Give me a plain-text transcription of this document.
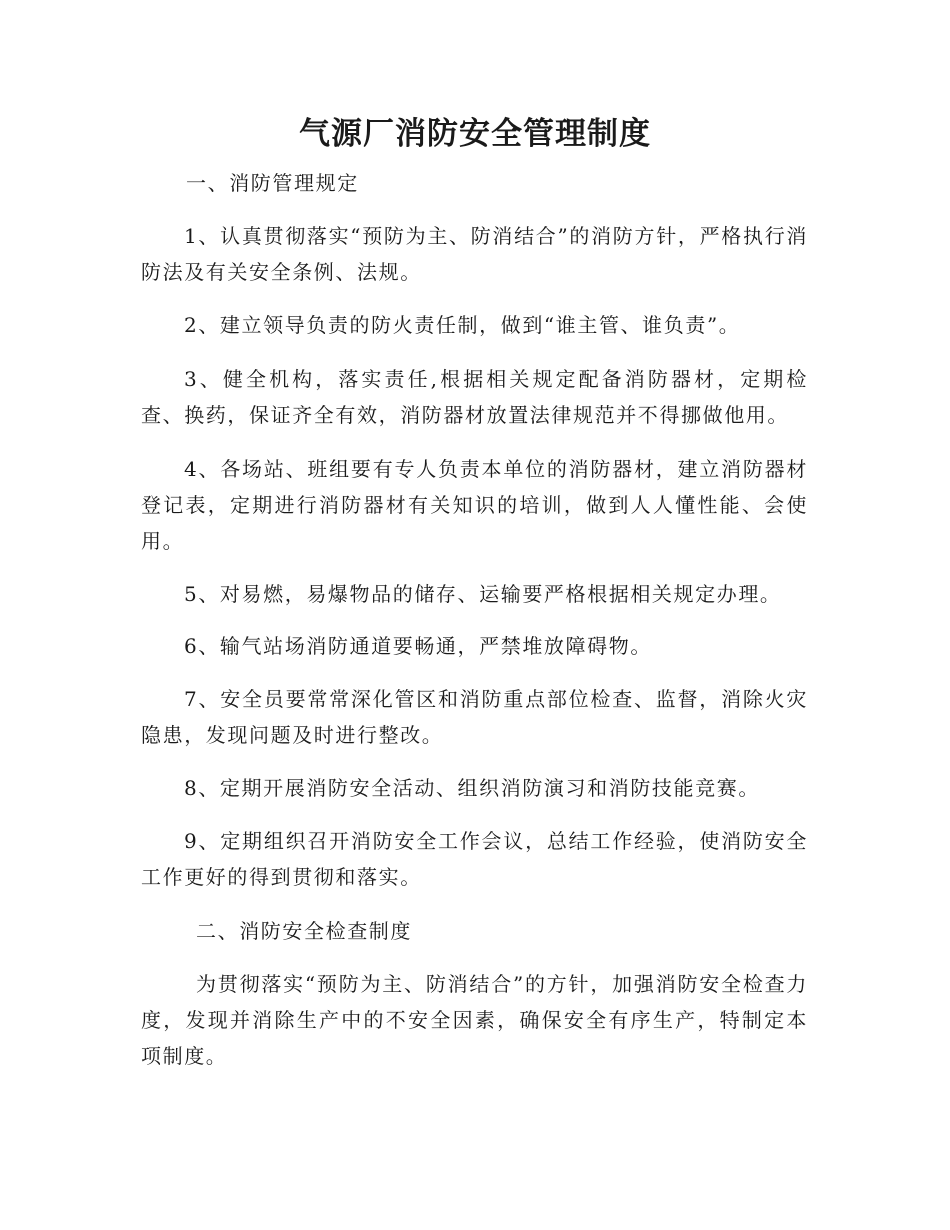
气源厂消防安全管理制度

一、消防管理规定

1、认真贯彻落实“预防为主、防消结合”的消防方针，严格执行消防法及有关安全条例、法规。

2、建立领导负责的防火责任制，做到“谁主管、谁负责”。

3、健全机构，落实责任,根据相关规定配备消防器材，定期检查、换药，保证齐全有效，消防器材放置法律规范并不得挪做他用。

4、各场站、班组要有专人负责本单位的消防器材，建立消防器材登记表，定期进行消防器材有关知识的培训，做到人人懂性能、会使用。

5、对易燃，易爆物品的储存、运输要严格根据相关规定办理。

6、输气站场消防通道要畅通，严禁堆放障碍物。

7、安全员要常常深化管区和消防重点部位检查、监督，消除火灾隐患，发现问题及时进行整改。

8、定期开展消防安全活动、组织消防演习和消防技能竞赛。

9、定期组织召开消防安全工作会议，总结工作经验，使消防安全工作更好的得到贯彻和落实。

二、消防安全检查制度

为贯彻落实“预防为主、防消结合”的方针，加强消防安全检查力度，发现并消除生产中的不安全因素，确保安全有序生产，特制定本项制度。
